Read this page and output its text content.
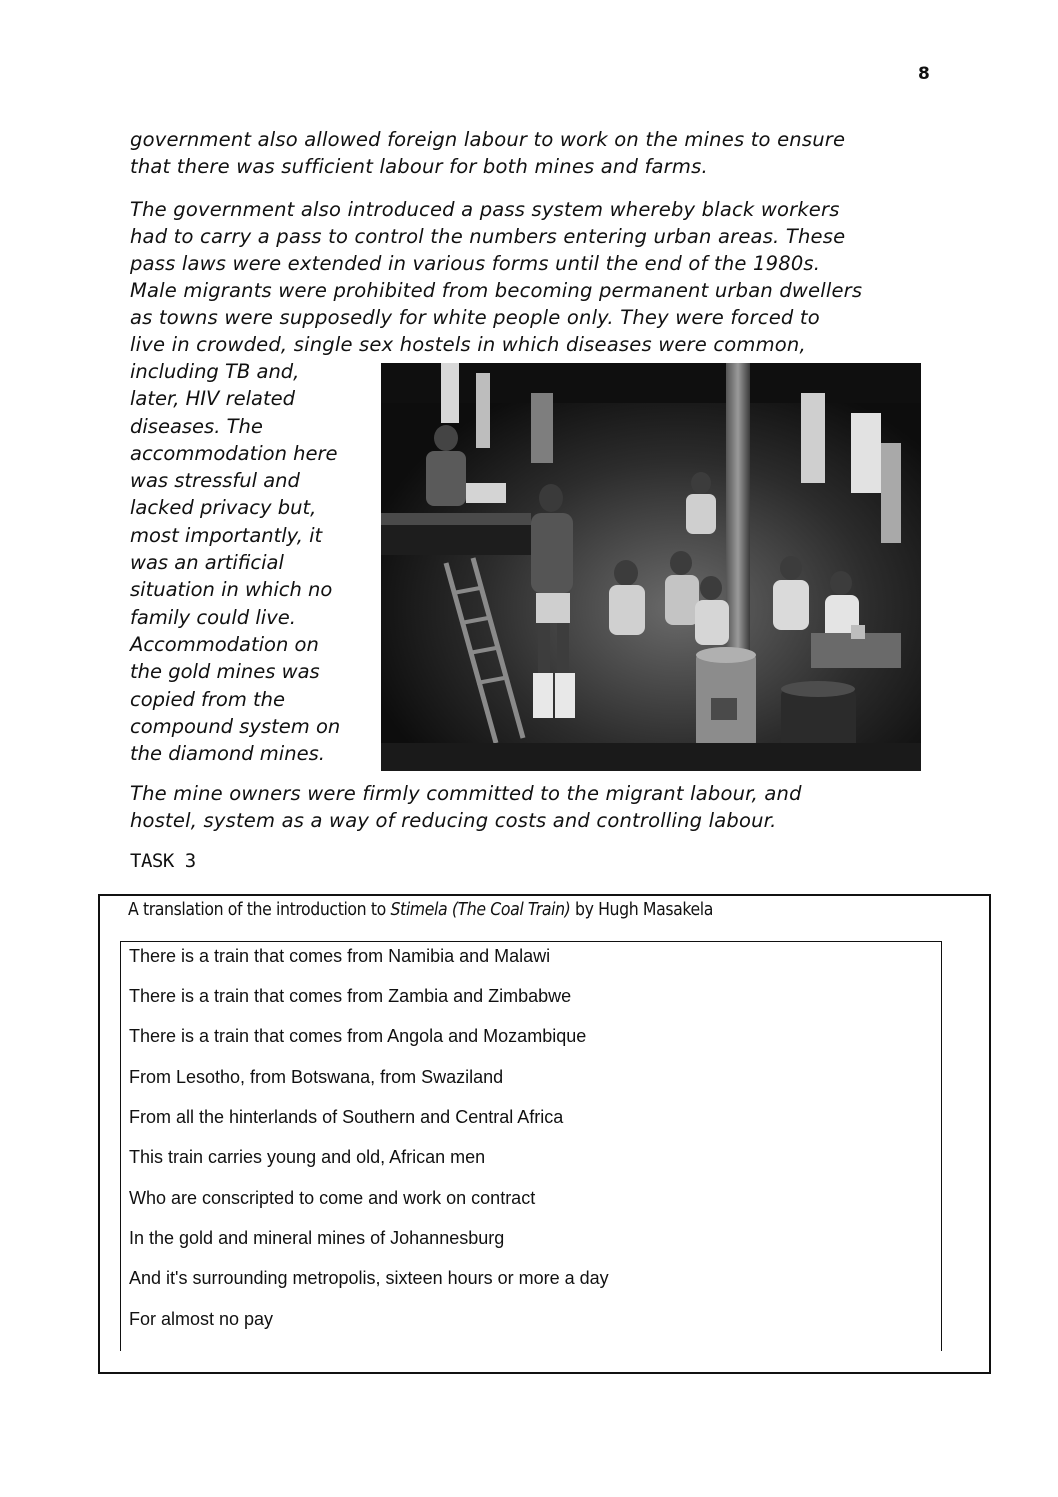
8
government also allowed foreign labour to work on the mines to ensure
that there was sufficient labour for both mines and farms.
The government also introduced a pass system whereby black workers
had to carry a pass to control the numbers entering urban areas. These
pass laws were extended in various forms until the end of the 1980s.
Male migrants were prohibited from becoming permanent urban dwellers
as towns were supposedly for white people only. They were forced to
live in crowded, single sex hostels in which diseases were common,
including TB and,
later, HIV related
diseases. The
accommodation here
was stressful and
lacked privacy but,
most importantly, it
was an artificial
situation in which no
family could live.
Accommodation on
the gold mines was
copied from the
compound system on
the diamond mines.
The mine owners were firmly committed to the migrant labour, and
hostel, system as a way of reducing costs and controlling labour.
TASK 3
A translation of the introduction to Stimela (The Coal Train) by Hugh Masakela
There is a train that comes from Namibia and Malawi
There is a train that comes from Zambia and Zimbabwe
There is a train that comes from Angola and Mozambique
From Lesotho, from Botswana, from Swaziland
From all the hinterlands of Southern and Central Africa
This train carries young and old, African men
Who are conscripted to come and work on contract
In the gold and mineral mines of Johannesburg
And it's surrounding metropolis, sixteen hours or more a day
For almost no pay
